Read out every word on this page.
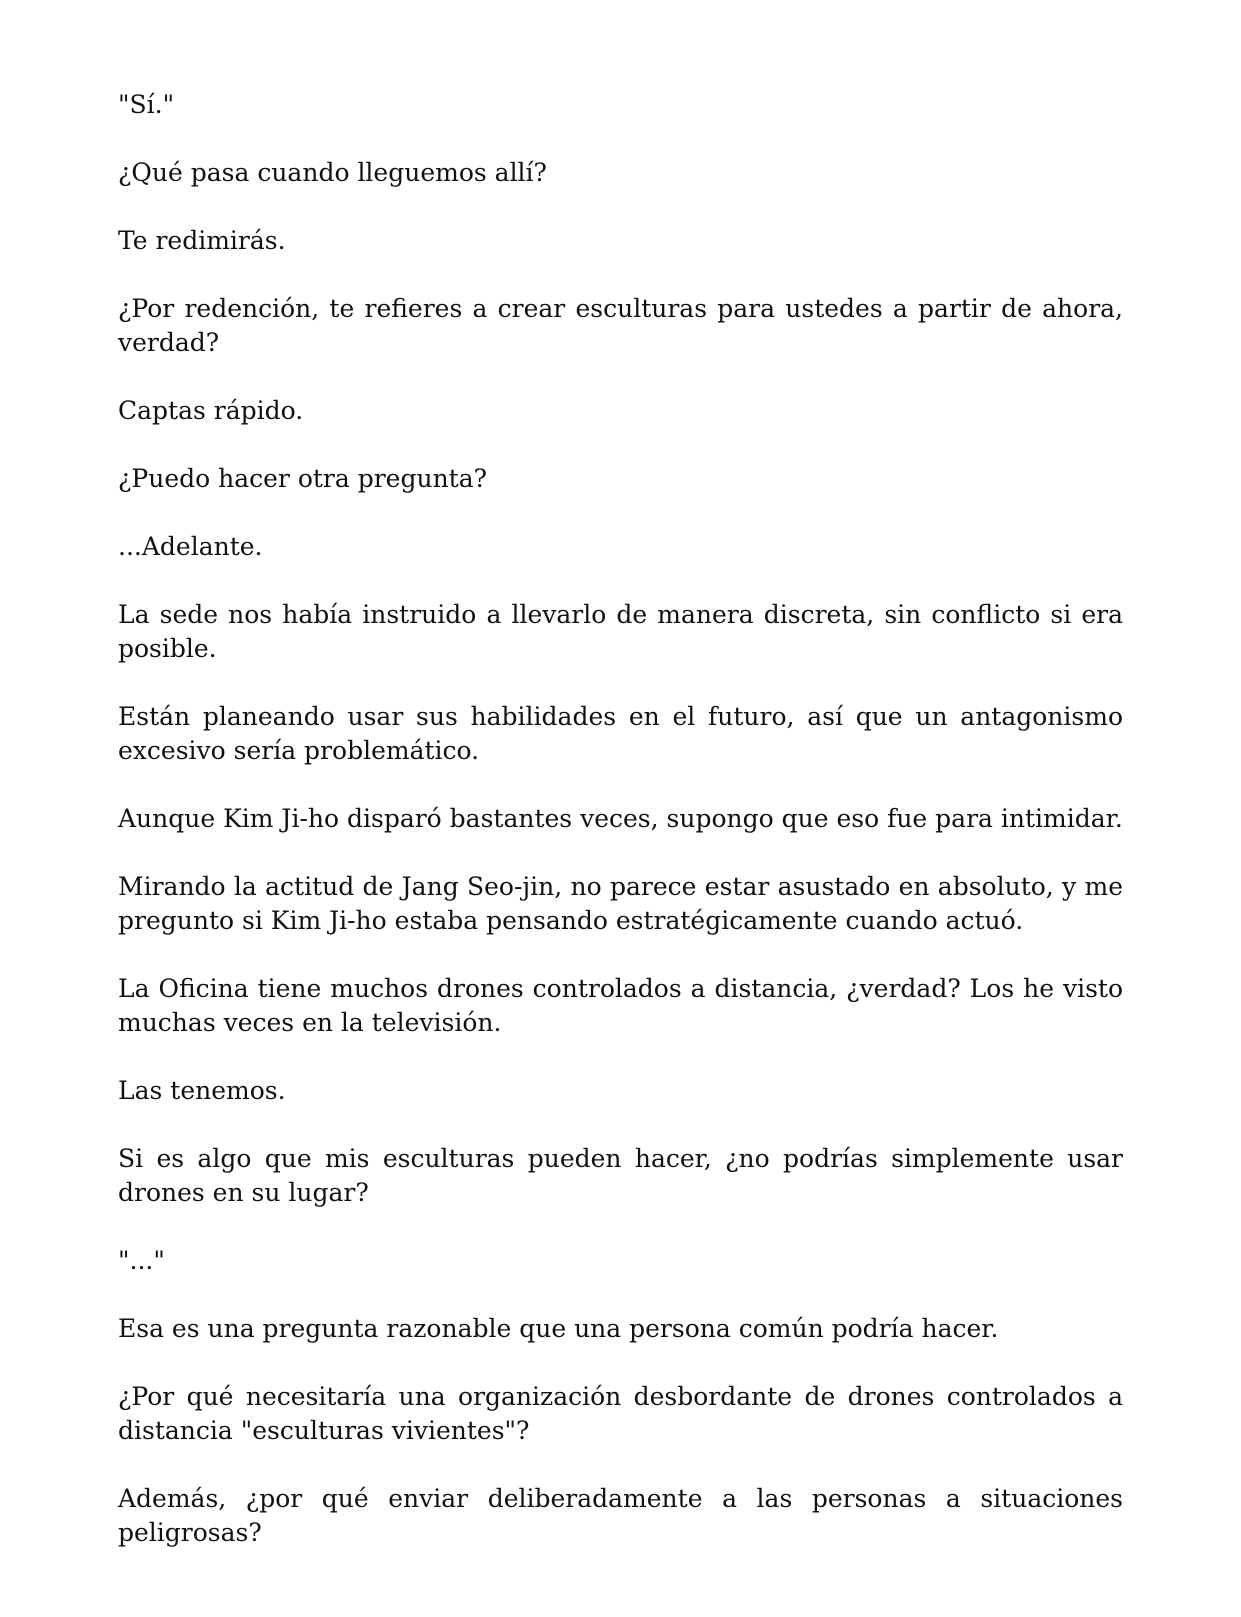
"Sí."

¿Qué pasa cuando lleguemos allí?

Te redimirás.

¿Por redención, te refieres a crear esculturas para ustedes a partir de ahora, verdad?

Captas rápido.

¿Puedo hacer otra pregunta?

...Adelante.

La sede nos había instruido a llevarlo de manera discreta, sin conflicto si era posible.

Están planeando usar sus habilidades en el futuro, así que un antagonismo excesivo sería problemático.

Aunque Kim Ji-ho disparó bastantes veces, supongo que eso fue para intimidar.

Mirando la actitud de Jang Seo-jin, no parece estar asustado en absoluto, y me pregunto si Kim Ji-ho estaba pensando estratégicamente cuando actuó.

La Oficina tiene muchos drones controlados a distancia, ¿verdad? Los he visto muchas veces en la televisión.

Las tenemos.

Si es algo que mis esculturas pueden hacer, ¿no podrías simplemente usar drones en su lugar?

"..."

Esa es una pregunta razonable que una persona común podría hacer.

¿Por qué necesitaría una organización desbordante de drones controlados a distancia "esculturas vivientes"?

Además, ¿por qué enviar deliberadamente a las personas a situaciones peligrosas?
